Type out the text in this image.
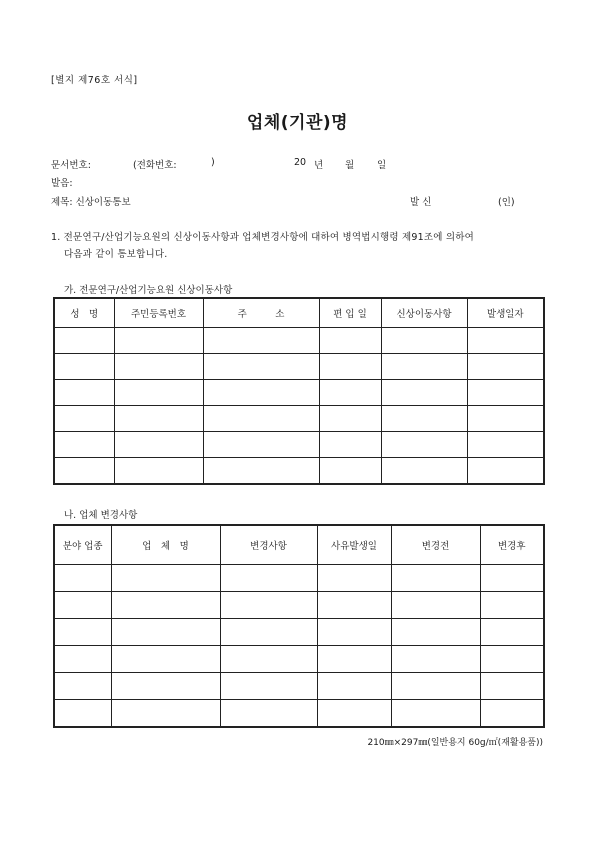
[별지 제76호 서식]
업체(기관)명
문서번호:	(전화번호:	)	20 년 월 일
발음:
제목: 신상이동통보	발 신	(인)
1. 전문연구/산업기능요원의 신상이동사항과 업체변경사항에 대하여 병역법시행령 제91조에 의하여
다음과 같이 통보합니다.
가. 전문연구/산업기능요원 신상이동사항
성　명	주민등록번호	주　　　소	편 입 일	신상이동사항	발생일자

나. 업체 변경사항
분야 업종	업　체　명	변경사항	사유발생일	변경전	변경후

210㎜×297㎜(일반용지 60g/㎡(재활용품))
